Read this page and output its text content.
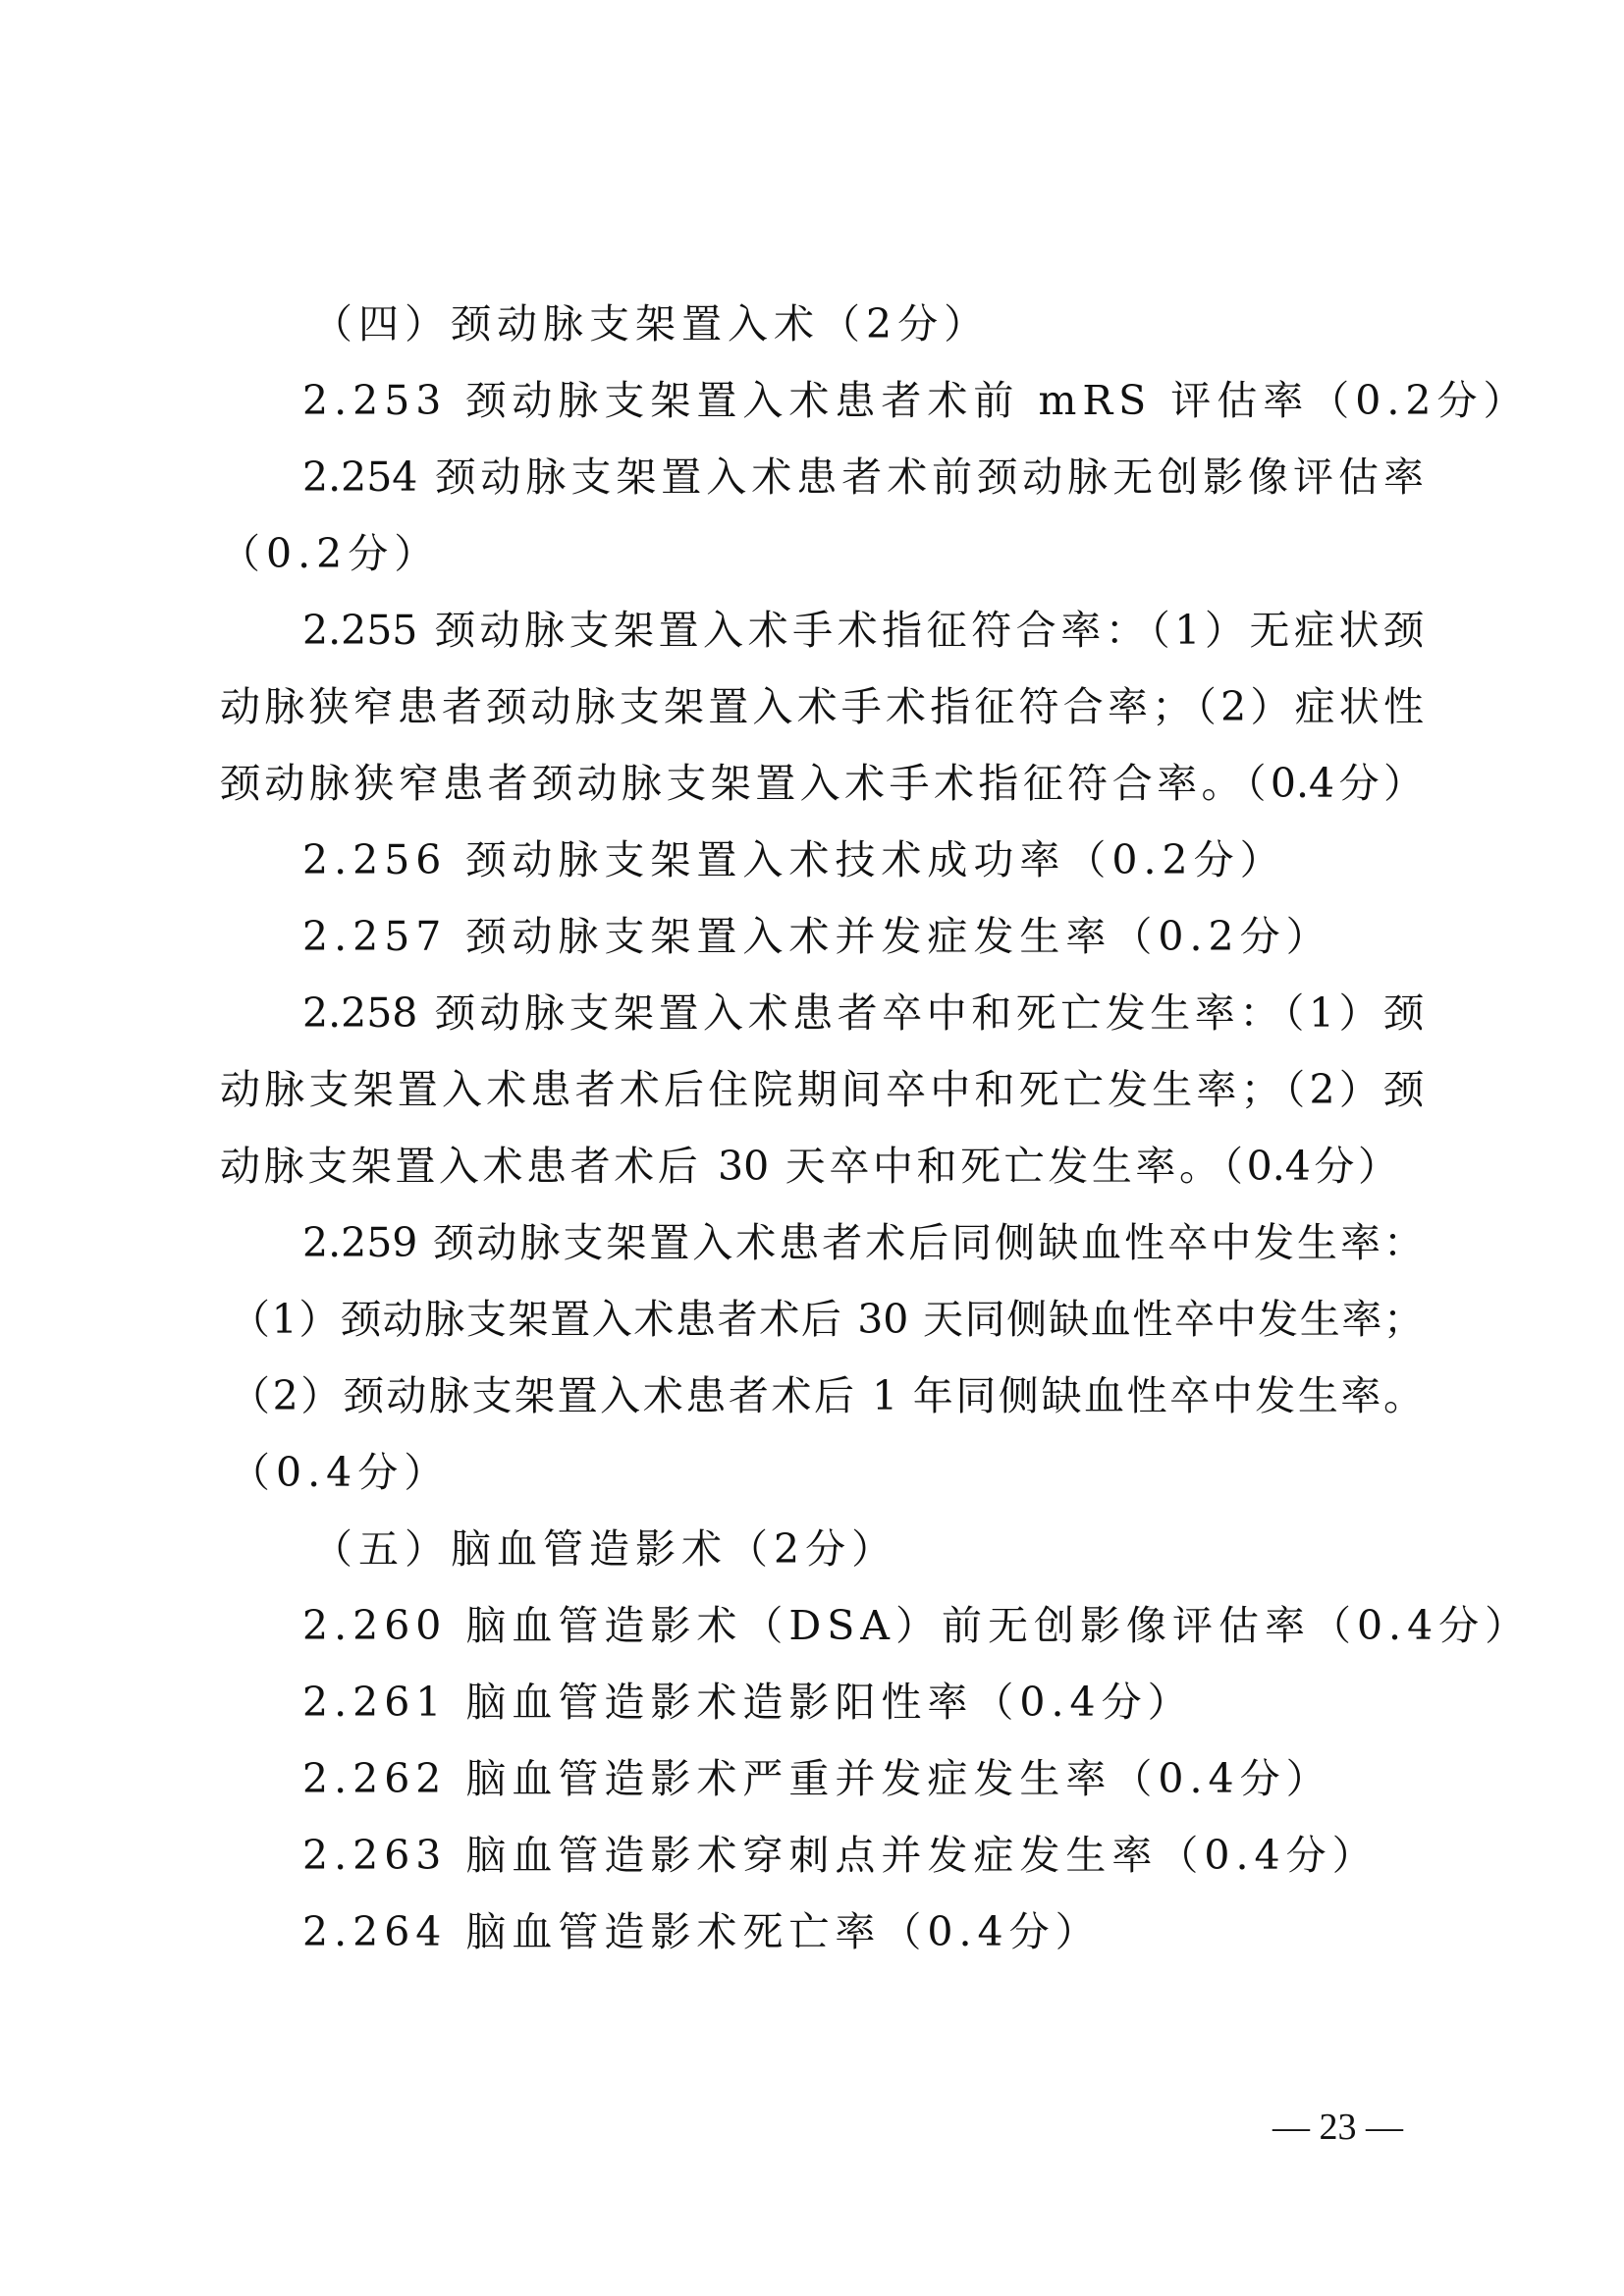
（四）颈动脉支架置入术（2分）
2.253 颈动脉支架置入术患者术前 mRS 评估率（0.2分）
2.254 颈动脉支架置入术患者术前颈动脉无创影像评估率
（0.2分）
2.255 颈动脉支架置入术手术指征符合率：（1）无症状颈
动脉狭窄患者颈动脉支架置入术手术指征符合率；（2）症状性
颈动脉狭窄患者颈动脉支架置入术手术指征符合率。（0.4分）
2.256 颈动脉支架置入术技术成功率（0.2分）
2.257 颈动脉支架置入术并发症发生率（0.2分）
2.258 颈动脉支架置入术患者卒中和死亡发生率：（1）颈
动脉支架置入术患者术后住院期间卒中和死亡发生率；（2）颈
动脉支架置入术患者术后 30 天卒中和死亡发生率。（0.4分）
2.259 颈动脉支架置入术患者术后同侧缺血性卒中发生率：
（1）颈动脉支架置入术患者术后 30 天同侧缺血性卒中发生率；
（2）颈动脉支架置入术患者术后 1 年同侧缺血性卒中发生率。
（0.4分）
（五）脑血管造影术（2分）
2.260 脑血管造影术（DSA）前无创影像评估率（0.4分）
2.261 脑血管造影术造影阳性率（0.4分）
2.262 脑血管造影术严重并发症发生率（0.4分）
2.263 脑血管造影术穿刺点并发症发生率（0.4分）
2.264 脑血管造影术死亡率（0.4分）
— 23 —
